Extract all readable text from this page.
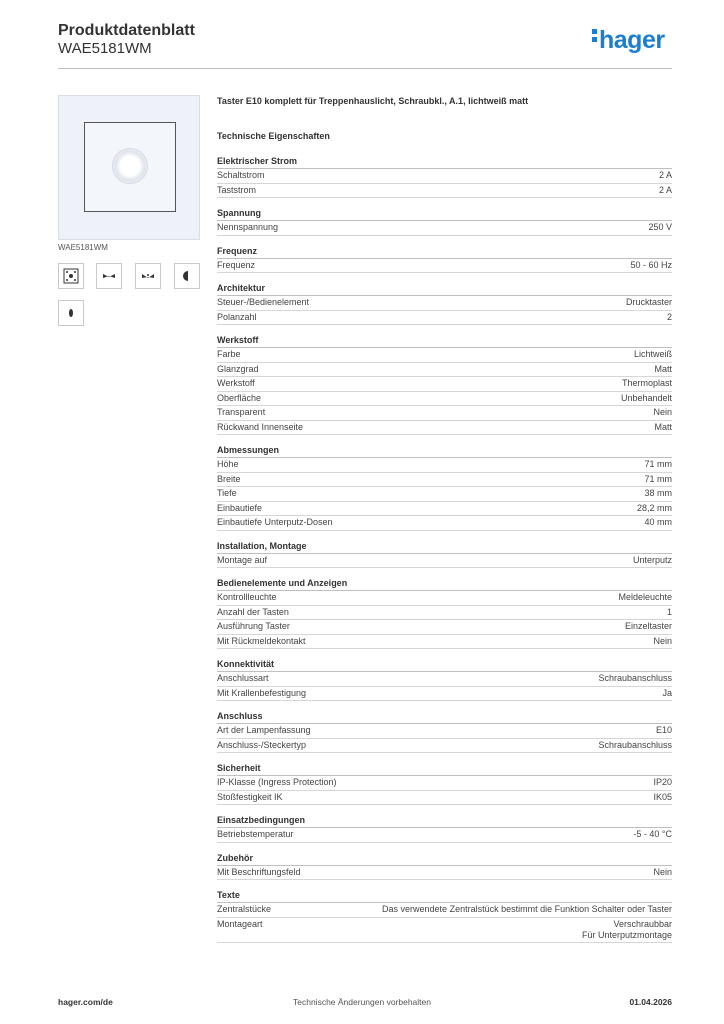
Produktdatenblatt
WAE5181WM	hager
WAE5181WM
Taster E10 komplett für Treppenhauslicht, Schraubkl., A.1, lichtweiß matt
Technische Eigenschaften
Elektrischer Strom
Schaltstrom	2 A
Taststrom	2 A
Spannung
Nennspannung	250 V
Frequenz
Frequenz	50 - 60 Hz
Architektur
Steuer-/Bedienelement	Drucktaster
Polanzahl	2
Werkstoff
Farbe	Lichtweiß
Glanzgrad	Matt
Werkstoff	Thermoplast
Oberfläche	Unbehandelt
Transparent	Nein
Rückwand Innenseite	Matt
Abmessungen
Höhe	71 mm
Breite	71 mm
Tiefe	38 mm
Einbautiefe	28,2 mm
Einbautiefe Unterputz-Dosen	40 mm
Installation, Montage
Montage auf	Unterputz
Bedienelemente und Anzeigen
Kontrollleuchte	Meldeleuchte
Anzahl der Tasten	1
Ausführung Taster	Einzeltaster
Mit Rückmeldekontakt	Nein
Konnektivität
Anschlussart	Schraubanschluss
Mit Krallenbefestigung	Ja
Anschluss
Art der Lampenfassung	E10
Anschluss-/Steckertyp	Schraubanschluss
Sicherheit
IP-Klasse (Ingress Protection)	IP20
Stoßfestigkeit IK	IK05
Einsatzbedingungen
Betriebstemperatur	-5 - 40 °C
Zubehör
Mit Beschriftungsfeld	Nein
Texte
Zentralstücke	Das verwendete Zentralstück bestimmt die Funktion Schalter oder Taster
Montageart	Verschraubbar
Für Unterputzmontage
hager.com/de	Technische Änderungen vorbehalten	01.04.2026
